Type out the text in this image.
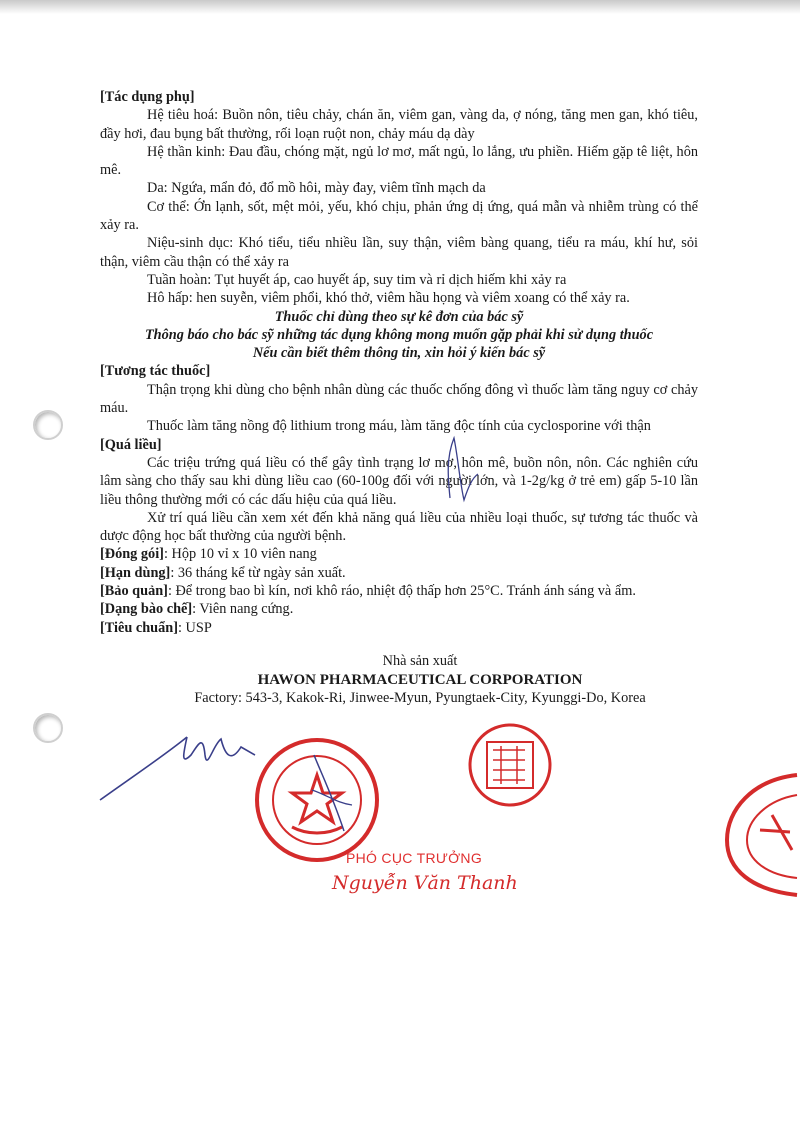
[Tác dụng phụ]

Hệ tiêu hoá: Buồn nôn, tiêu chảy, chán ăn, viêm gan, vàng da, ợ nóng, tăng men gan, khó tiêu, đầy hơi, đau bụng bất thường, rối loạn ruột non, chảy máu dạ dày

Hệ thần kinh: Đau đầu, chóng mặt, ngủ lơ mơ, mất ngủ, lo lắng, ưu phiền. Hiếm gặp tê liệt, hôn mê.

Da: Ngứa, mẩn đỏ, đổ mồ hôi, mày đay, viêm tĩnh mạch da

Cơ thể: Ớn lạnh, sốt, mệt mỏi, yếu, khó chịu, phản ứng dị ứng, quá mẫn và nhiễm trùng có thể xảy ra.

Niệu-sinh dục: Khó tiểu, tiểu nhiều lần, suy thận, viêm bàng quang, tiểu ra máu, khí hư, sỏi thận, viêm cầu thận có thể xảy ra

Tuần hoàn: Tụt huyết áp, cao huyết áp, suy tim và rỉ dịch hiếm khi xảy ra

Hô hấp: hen suyễn, viêm phổi, khó thở, viêm hầu họng và viêm xoang có thể xảy ra.

Thuốc chỉ dùng theo sự kê đơn của bác sỹ

Thông báo cho bác sỹ những tác dụng không mong muốn gặp phải khi sử dụng thuốc

Nếu cần biết thêm thông tin, xin hỏi ý kiến bác sỹ

[Tương tác thuốc]

Thận trọng khi dùng cho bệnh nhân dùng các thuốc chống đông vì thuốc làm tăng nguy cơ chảy máu.

Thuốc làm tăng nồng độ lithium trong máu, làm tăng độc tính của cyclosporine với thận

[Quá liều]

Các triệu trứng quá liều có thể gây tình trạng lơ mơ, hôn mê, buồn nôn, nôn. Các nghiên cứu lâm sàng cho thấy sau khi dùng liều cao (60-100g đối với người lớn, và 1-2g/kg ở trẻ em) gấp 5-10 lần liều thông thường mới có các dấu hiệu của quá liều.

Xử trí quá liều cần xem xét đến khả năng quá liều của nhiều loại thuốc, sự tương tác thuốc và dược động học bất thường của người bệnh.

[Đóng gói]: Hộp 10 vỉ x 10 viên nang

[Hạn dùng]: 36 tháng kể từ ngày sản xuất.

[Bảo quản]: Để trong bao bì kín, nơi khô ráo, nhiệt độ thấp hơn 25°C. Tránh ánh sáng và ẩm.

[Dạng bào chế]: Viên nang cứng.

[Tiêu chuẩn]: USP

Nhà sản xuất
HAWON PHARMACEUTICAL CORPORATION
Factory: 543-3, Kakok-Ri, Jinwee-Myun, Pyungtaek-City, Kyunggi-Do, Korea
PHÓ CỤC TRƯỞNG
Nguyễn Văn Thanh
